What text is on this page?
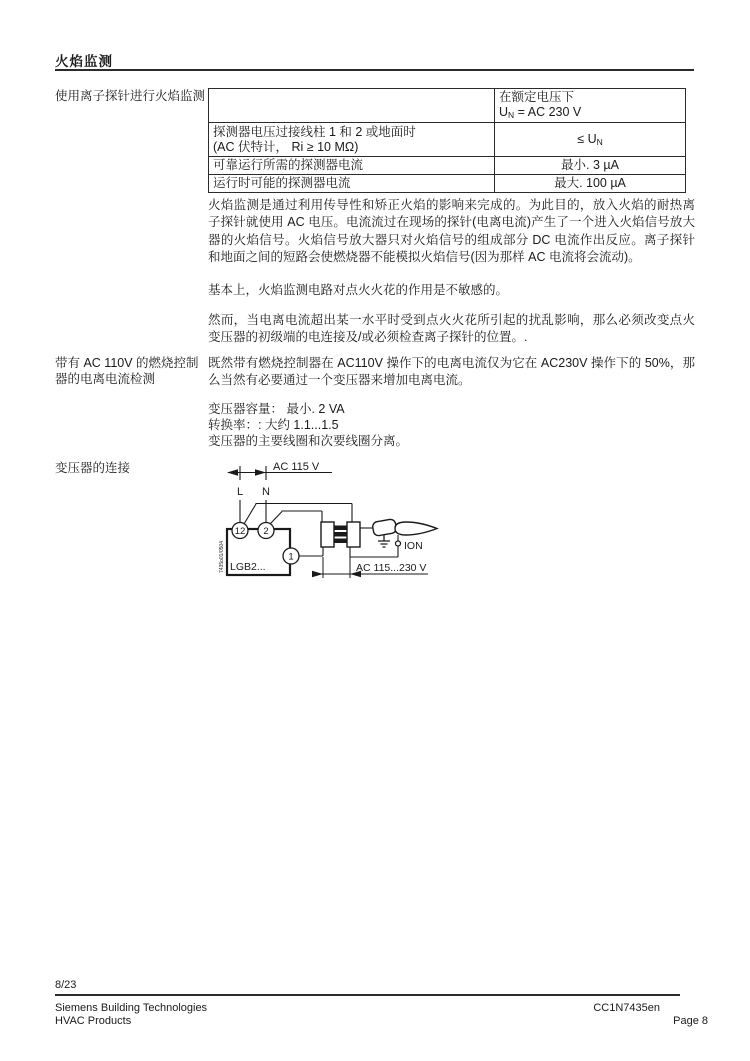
火焰监测
使用离子探针进行火焰监测
		在额定电压下
$U_N$ = AC 230 V
探测器电压过接线柱 1 和 2 或地面时
(AC 伏特计， Ri ≥ 10 MΩ)	≤ $U_N$
可靠运行所需的探测器电流	最小. 3 µA
运行时可能的探测器电流	最大. 100 µA
火焰监测是通过利用传导性和矫正火焰的影响来完成的。为此目的，放入火焰的耐热离子探针就使用 AC 电压。电流流过在现场的探针(电离电流)产生了一个进入火焰信号放大器的火焰信号。火焰信号放大器只对火焰信号的组成部分 DC 电流作出反应。离子探针和地面之间的短路会使燃烧器不能模拟火焰信号(因为那样 AC 电流将会流动)。
基本上，火焰监测电路对点火火花的作用是不敏感的。
然而，当电离电流超出某一水平时受到点火火花所引起的扰乱影响，那么必须改变点火变压器的初级端的电连接及/或必须检查离子探针的位置。.
带有 AC 110V 的燃烧控制器的电离电流检测
既然带有燃烧控制器在 AC110V 操作下的电离电流仅为它在 AC230V 操作下的 50%，那么当然有必要通过一个变压器来增加电离电流。
变压器容量： 最小. 2 VA
转换率：: 大约 1.1...1.5
变压器的主要线圈和次要线圈分离。
变压器的连接	AC 115 V
L N
12 2
1
LGB2...
7435o01/0504	ION
AC 115...230 V
8/23
Siemens Building Technologies
HVAC Products
CC1N7435en
Page 8
